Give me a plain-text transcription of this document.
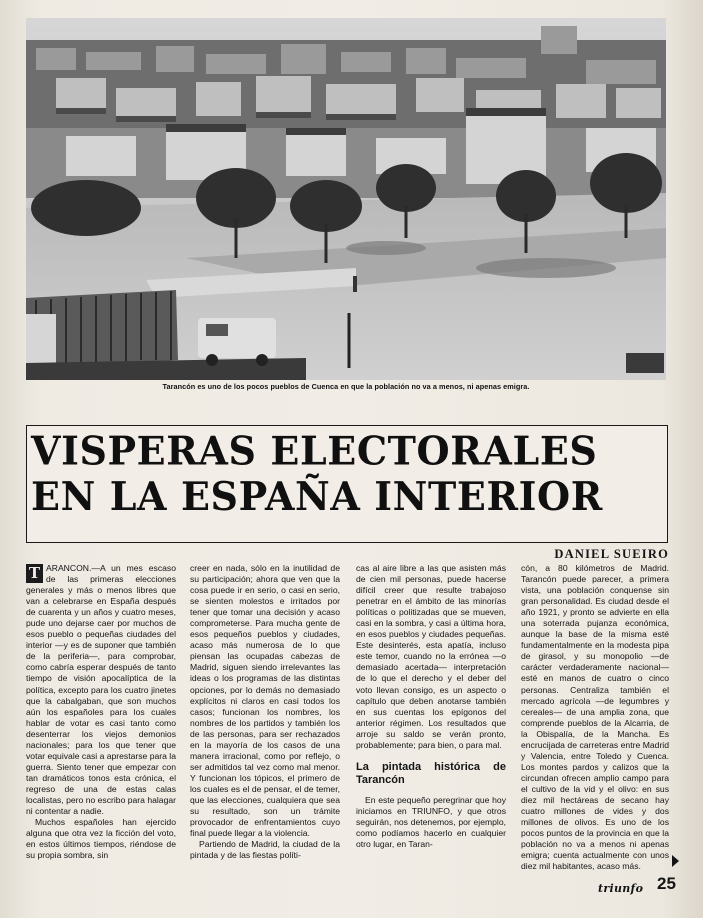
Tarancón es uno de los pocos pueblos de Cuenca en que la población no va a menos, ni apenas emigra.
VISPERAS ELECTORALES
EN LA ESPAÑA INTERIOR
DANIEL SUEIRO

T ARANCON.—A un mes escaso de las primeras elecciones generales y más o menos libres que van a celebrarse en España después de cuarenta y un años y cuatro meses, pude uno dejarse caer por muchos de esos pueblo o pequeñas ciudades del interior —y es de suponer que también de la periferia—, para comprobar, como cabría esperar después de tanto tiempo de visión apocalíptica de la política, excepto para los cuatro jinetes que la cabalgaban, que son muchos aún los españoles para los cuales hablar de votar es casi tanto como desenterrar los viejos demonios nacionales; para los que tener que votar equivale casi a aprestarse para la guerra. Siento tener que empezar con tan dramáticos tonos esta crónica, el regreso de una de estas calas localistas, pero no escribo para halagar ni contentar a nadie.

Muchos españoles han ejercido alguna que otra vez la ficción del voto, en estos últimos tiempos, riéndose de su propia sombra, sin

creer en nada, sólo en la inutilidad de su participación; ahora que ven que la cosa puede ir en serio, o casi en serio, se sienten molestos e irritados por tener que tomar una decisión y acaso comprometerse. Para mucha gente de esos pequeños pueblos y ciudades, acaso más numerosa de lo que piensan las ocupadas cabezas de Madrid, siguen siendo irrelevantes las ideas o los programas de las distintas opciones, por lo demás no demasiado explícitos ni claros en casi todos los casos; funcionan los nombres, los nombres de los partidos y también los de las personas, para ser rechazados en la mayoría de los casos de una manera irracional, como por reflejo, o ser admitidos tal vez como mal menor. Y funcionan los tópicos, el primero de los cuales es el de pensar, el de temer, que las elecciones, cualquiera que sea su resultado, son un trámite provocador de enfrentamientos cuyo final puede llegar a la violencia.

Partiendo de Madrid, la ciudad de la pintada y de las fiestas políti-

cas al aire libre a las que asisten más de cien mil personas, puede hacerse difícil creer que resulte trabajoso penetrar en el ámbito de las minorías políticas o politizadas que se mueven, casi en la sombra, y casi a última hora, en esos pueblos y ciudades pequeñas. Este desinterés, esta apatía, incluso este temor, cuando no la errónea —o demasiado acertada— interpretación de lo que el derecho y el deber del voto llevan consigo, es un aspecto o capítulo que deben anotarse también en sus cuentas los epígonos del anterior régimen. Los resultados que arroje su saldo se verán pronto, probablemente; para bien, o para mal.

La pintada histórica de Tarancón

En este pequeño peregrinar que hoy iniciamos en TRIUNFO, y que otros seguirán, nos detenemos, por ejemplo, como podíamos hacerlo en cualquier otro lugar, en Taran-

cón, a 80 kilómetros de Madrid. Tarancón puede parecer, a primera vista, una población conquense sin gran personalidad. Es ciudad desde el año 1921, y pronto se advierte en ella una soterrada pujanza económica, aunque la base de la misma esté fundamentalmente en la modesta pipa de girasol, y su monopolio —de carácter verdaderamente nacional— esté en manos de cuatro o cinco personas. Centraliza también el mercado agrícola —de legumbres y cereales— de una amplia zona, que comprende pueblos de la Alcarria, de la Obispalía, de la Mancha. Es encrucijada de carreteras entre Madrid y Valencia, entre Toledo y Cuenca. Los montes pardos y calizos que la circundan ofrecen amplio campo para el cultivo de la vid y el olivo: en sus diez mil hectáreas de secano hay cuatro millones de vides y dos millones de olivos. Es uno de los pocos puntos de la provincia en que la población no va a menos ni apenas emigra; cuenta actualmente con unos diez mil habitantes, acaso más.

triunfo 25
